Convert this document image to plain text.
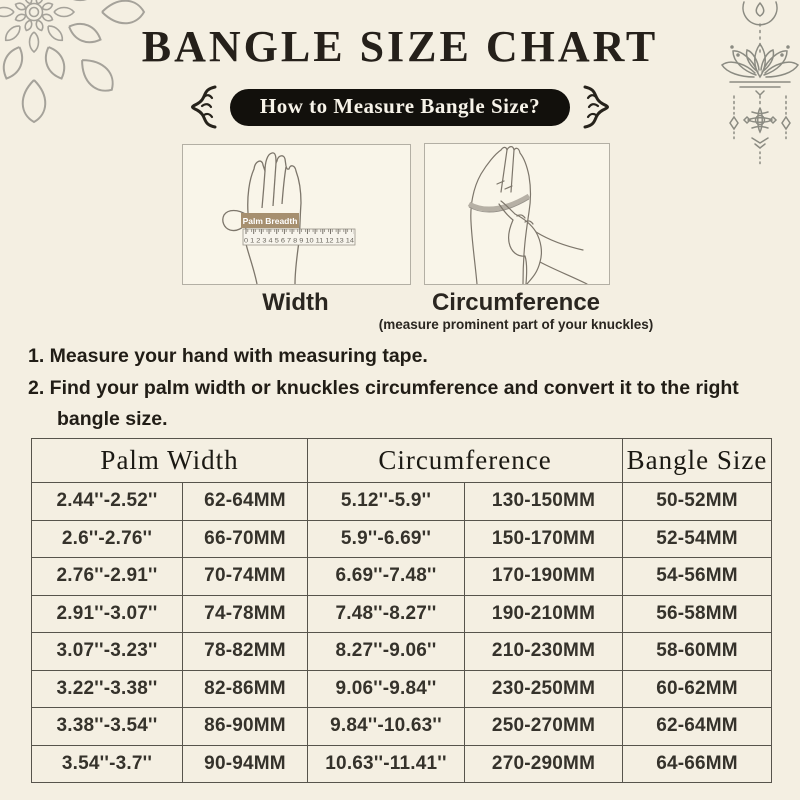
BANGLE SIZE CHART
How to Measure Bangle Size?
0 1 2 3 4 5 6 7 8 9 10 11 12 13 14
Palm Breadth
Width	Circumference
(measure prominent part of your knuckles)
1. Measure your hand with measuring tape.
2. Find your palm width or knuckles circumference and convert it to the right bangle size.
Palm Width		Circumference		Bangle Size
2.44''-2.52''	62-64MM	5.12''-5.9''	130-150MM	50-52MM
2.6''-2.76''	66-70MM	5.9''-6.69''	150-170MM	52-54MM
2.76''-2.91''	70-74MM	6.69''-7.48''	170-190MM	54-56MM
2.91''-3.07''	74-78MM	7.48''-8.27''	190-210MM	56-58MM
3.07''-3.23''	78-82MM	8.27''-9.06''	210-230MM	58-60MM
3.22''-3.38''	82-86MM	9.06''-9.84''	230-250MM	60-62MM
3.38''-3.54''	86-90MM	9.84''-10.63''	250-270MM	62-64MM
3.54''-3.7''	90-94MM	10.63''-11.41''	270-290MM	64-66MM
